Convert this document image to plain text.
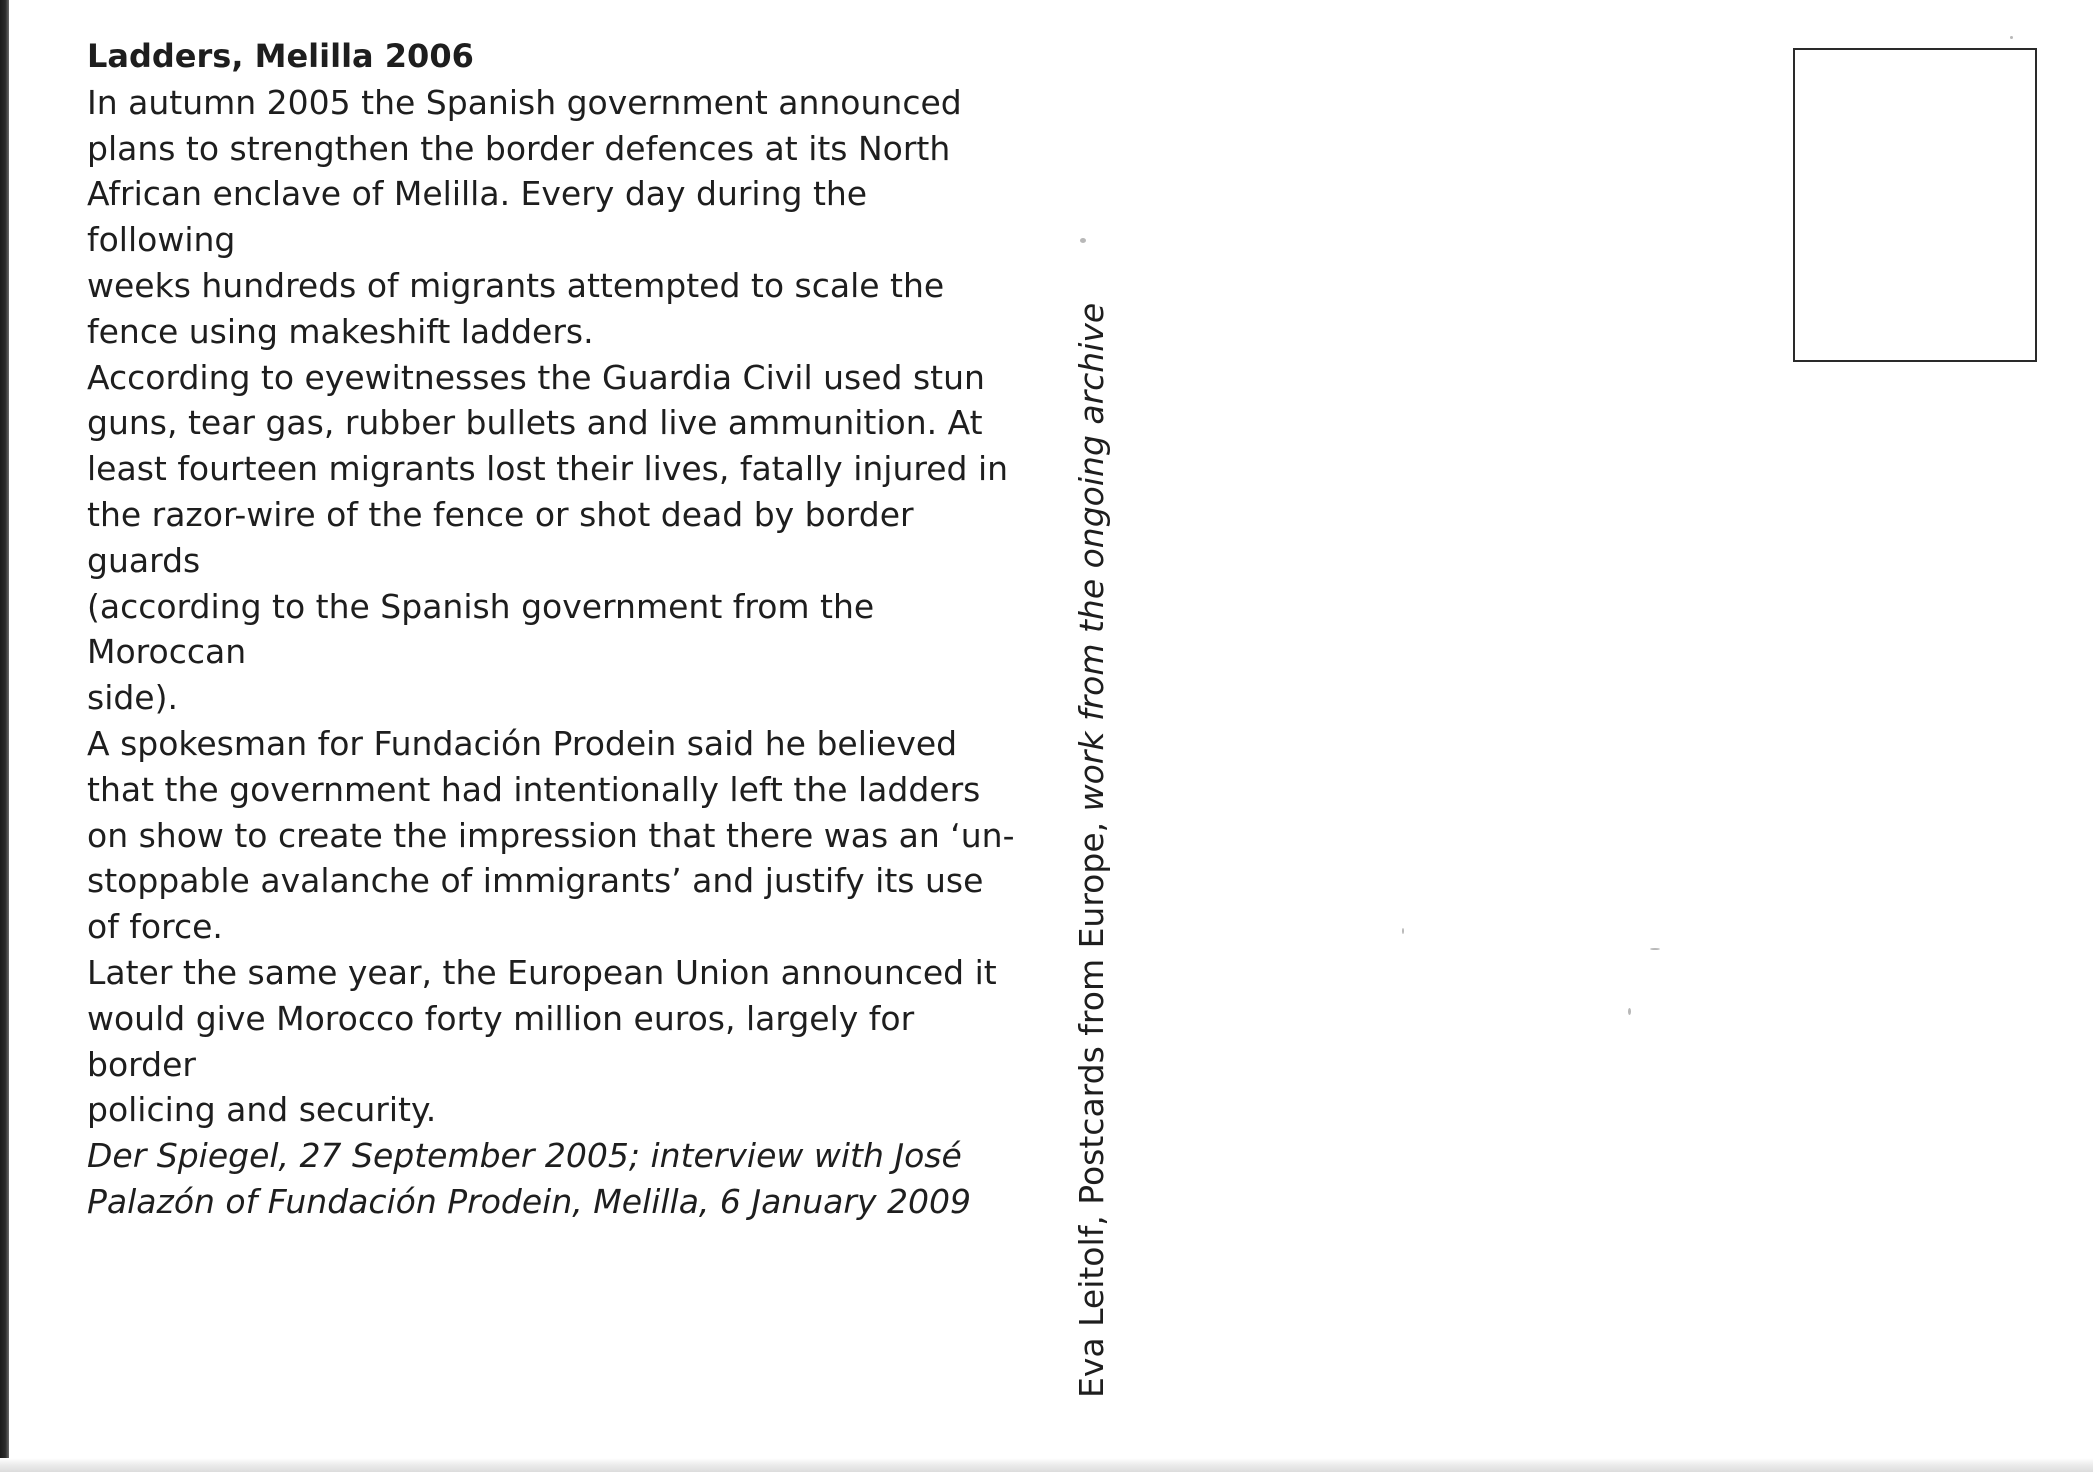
Ladders, Melilla 2006

In autumn 2005 the Spanish government announced
plans to strengthen the border defences at its North
African enclave of Melilla. Every day during the following
weeks hundreds of migrants attempted to scale the
fence using makeshift ladders.

According to eyewitnesses the Guardia Civil used stun
guns, tear gas, rubber bullets and live ammunition. At
least fourteen migrants lost their lives, fatally injured in
the razor-wire of the fence or shot dead by border guards
(according to the Spanish government from the Moroccan
side).

A spokesman for Fundación Prodein said he believed
that the government had intentionally left the ladders
on show to create the impression that there was an ‘un-
stoppable avalanche of immigrants’ and justify its use
of force.

Later the same year, the European Union announced it
would give Morocco forty million euros, largely for border
policing and security.

Der Spiegel, 27 September 2005; interview with José
Palazón of Fundación Prodein, Melilla, 6 January 2009	Eva Leitolf, Postcards from Europe, work from the ongoing archive
